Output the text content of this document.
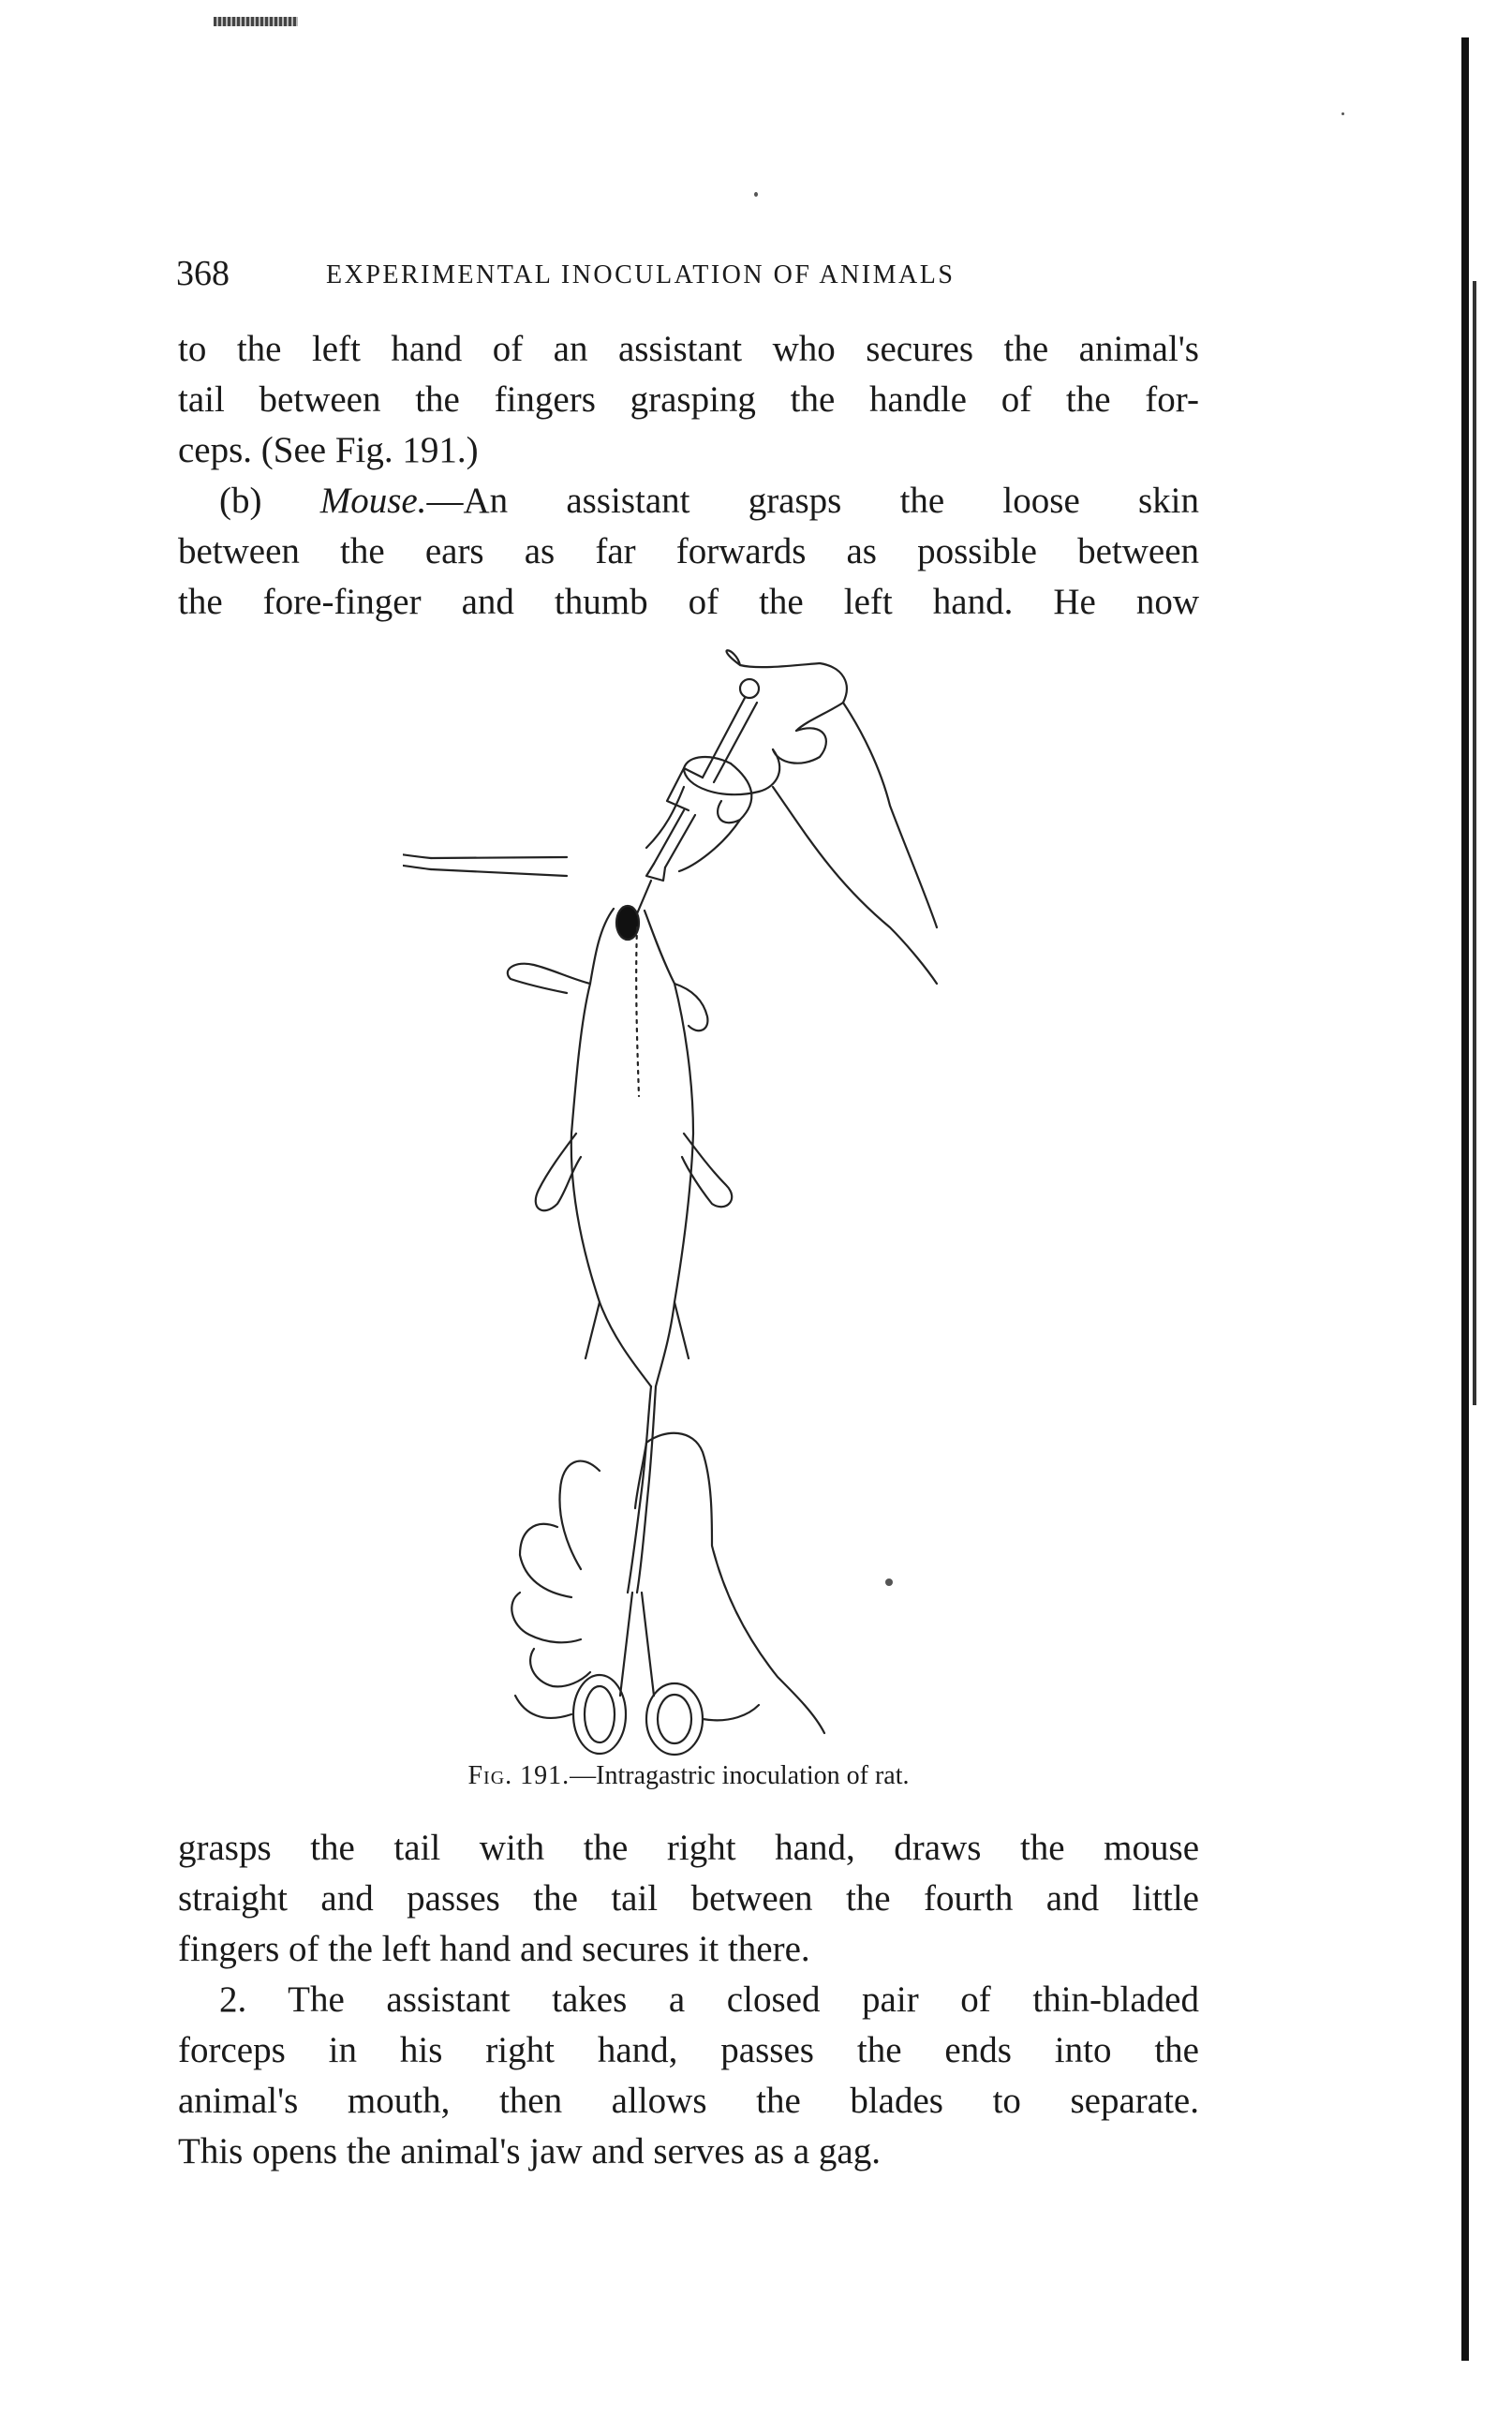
368	EXPERIMENTAL INOCULATION OF ANIMALS

to the left hand of an assistant who secures the animal's

tail between the fingers grasping the handle of the for-

ceps. (See Fig. 191.)

(b) Mouse.—An assistant grasps the loose skin

between the ears as far forwards as possible between

the fore-finger and thumb of the left hand. He now

Fig. 191.—Intragastric inoculation of rat.

grasps the tail with the right hand, draws the mouse

straight and passes the tail between the fourth and little

fingers of the left hand and secures it there.

2. The assistant takes a closed pair of thin-bladed

forceps in his right hand, passes the ends into the

animal's mouth, then allows the blades to separate.

This opens the animal's jaw and serves as a gag.
